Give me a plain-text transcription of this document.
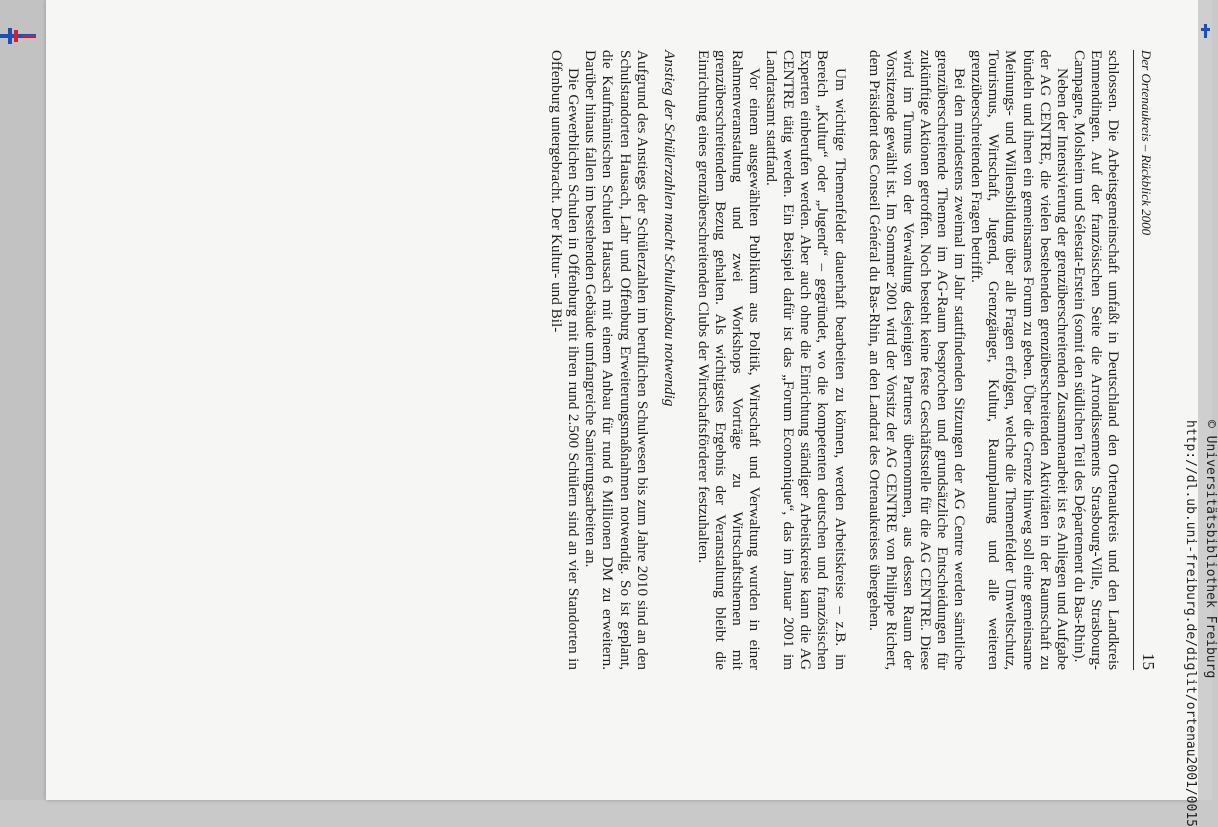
Der Ortenaukreis – Rückblick 2000
15

schlossen. Die Arbeitsgemeinschaft umfaßt in Deutschland den Ortenaukreis und den Landkreis Emmendingen. Auf der französischen Seite die Arrondissements Strasbourg-Ville, Strasbourg-Campagne, Molsheim und Sélestat-Erstein (somit den südlichen Teil des Département du Bas-Rhin).

Neben der Intensivierung der grenzüberschreitenden Zusammenarbeit ist es Anliegen und Aufgabe der AG CENTRE, die vielen bestehenden grenzüberschreitenden Aktivitäten in der Raumschaft zu bündeln und ihnen ein gemeinsames Forum zu geben. Über die Grenze hinweg soll eine gemeinsame Meinungs- und Willensbildung über alle Fragen erfolgen, welche die Themenfelder Umweltschutz, Tourismus, Wirtschaft, Jugend, Grenzgänger, Kultur, Raumplanung und alle weiteren grenzüberschreitenden Fragen betrifft.

Bei den mindestens zweimal im Jahr stattfindenden Sitzungen der AG Centre werden sämtliche grenzüberschreitende Themen im AG-Raum besprochen und grundsätzliche Entscheidungen für zukünftige Aktionen getroffen. Noch besteht keine feste Geschäftsstelle für die AG CENTRE. Diese wird im Turnus von der Verwaltung desjenigen Partners übernommen, aus dessen Raum der Vorsitzende gewählt ist. Im Sommer 2001 wird der Vorsitz der AG CENTRE von Philippe Richert, dem Präsident des Conseil Général du Bas-Rhin, an den Landrat des Ortenaukreises übergehen.

Um wichtige Themenfelder dauerhaft bearbeiten zu können, werden Arbeitskreise – z.B. im Bereich „Kultur“ oder „Jugend“ – gegründet, wo die kompetenten deutschen und französischen Experten einberufen werden. Aber auch ohne die Einrichtung ständiger Arbeitskreise kann die AG CENTRE tätig werden. Ein Beispiel dafür ist das „Forum Economique“, das im Januar 2001 im Landratsamt stattfand.

Vor einem ausgewählten Publikum aus Politik, Wirtschaft und Verwaltung wurden in einer Rahmenveranstaltung und zwei Workshops Vorträge zu Wirtschaftsthemen mit grenzüberschreitendem Bezug gehalten. Als wichtigstes Ergebnis der Veranstaltung bleibt die Einrichtung eines grenzüberschreitenden Clubs der Wirtschaftsförderer festzuhalten.

Anstieg der Schülerzahlen macht Schulhausbau notwendig

Aufgrund des Anstiegs der Schülerzahlen im beruflichen Schulwesen bis zum Jahre 2010 sind an den Schulstandorten Hausach, Lahr und Offenburg Erweiterungsmaßnahmen notwendig. So ist geplant, die Kaufmännischen Schulen Hausach mit einem Anbau für rund 6 Millionen DM zu erweitern. Darüber hinaus fallen im bestehenden Gebäude umfangreiche Sanierungsarbeiten an.

Die Gewerblichen Schulen in Offenburg mit ihren rund 2.500 Schülern sind an vier Standorten in Offenburg untergebracht. Der Kultur- und Bil-

http://dl.ub.uni-freiburg.de/diglit/ortenau2001/0015 © Universitätsbibliothek Freiburg
